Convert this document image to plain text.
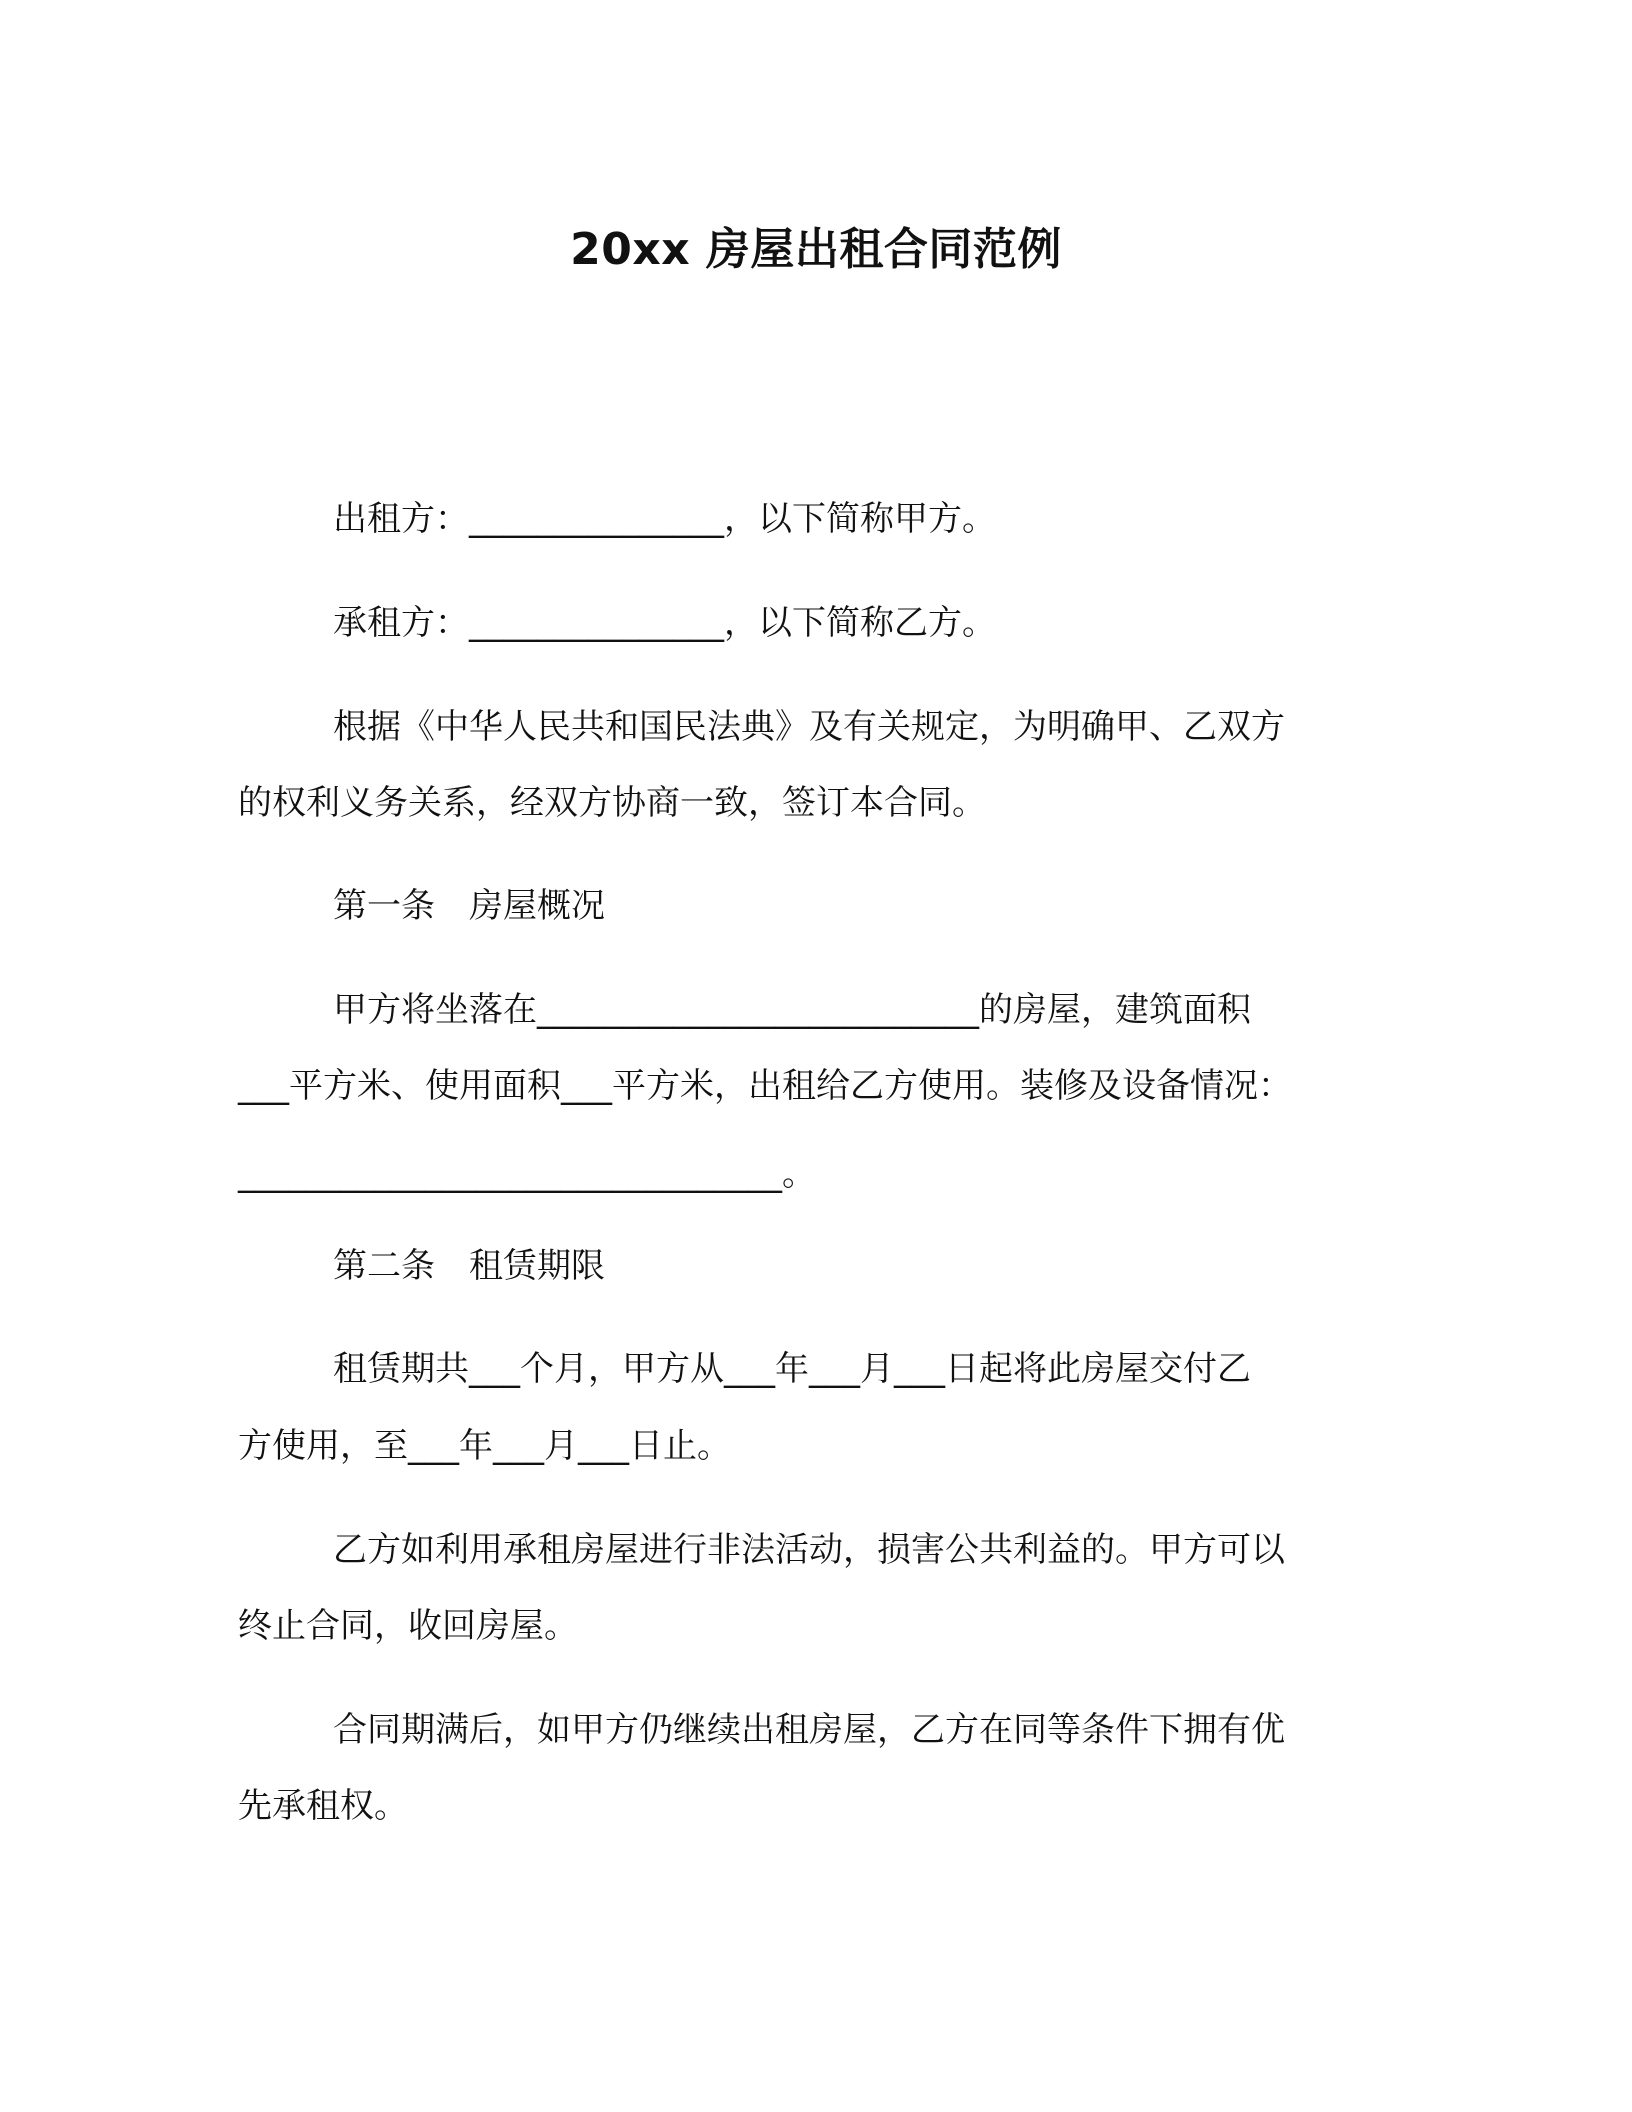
20xx 房屋出租合同范例
出租方：_______________，以下简称甲方。
承租方：_______________，以下简称乙方。
根据《中华人民共和国民法典》及有关规定，为明确甲、乙双方
的权利义务关系，经双方协商一致，签订本合同。
第一条　房屋概况
甲方将坐落在__________________________的房屋，建筑面积
___平方米、使用面积___平方米，出租给乙方使用。装修及设备情况：
________________________________。
第二条　租赁期限
租赁期共___个月，甲方从___年___月___日起将此房屋交付乙
方使用，至___年___月___日止。
乙方如利用承租房屋进行非法活动，损害公共利益的。甲方可以
终止合同，收回房屋。
合同期满后，如甲方仍继续出租房屋，乙方在同等条件下拥有优
先承租权。
